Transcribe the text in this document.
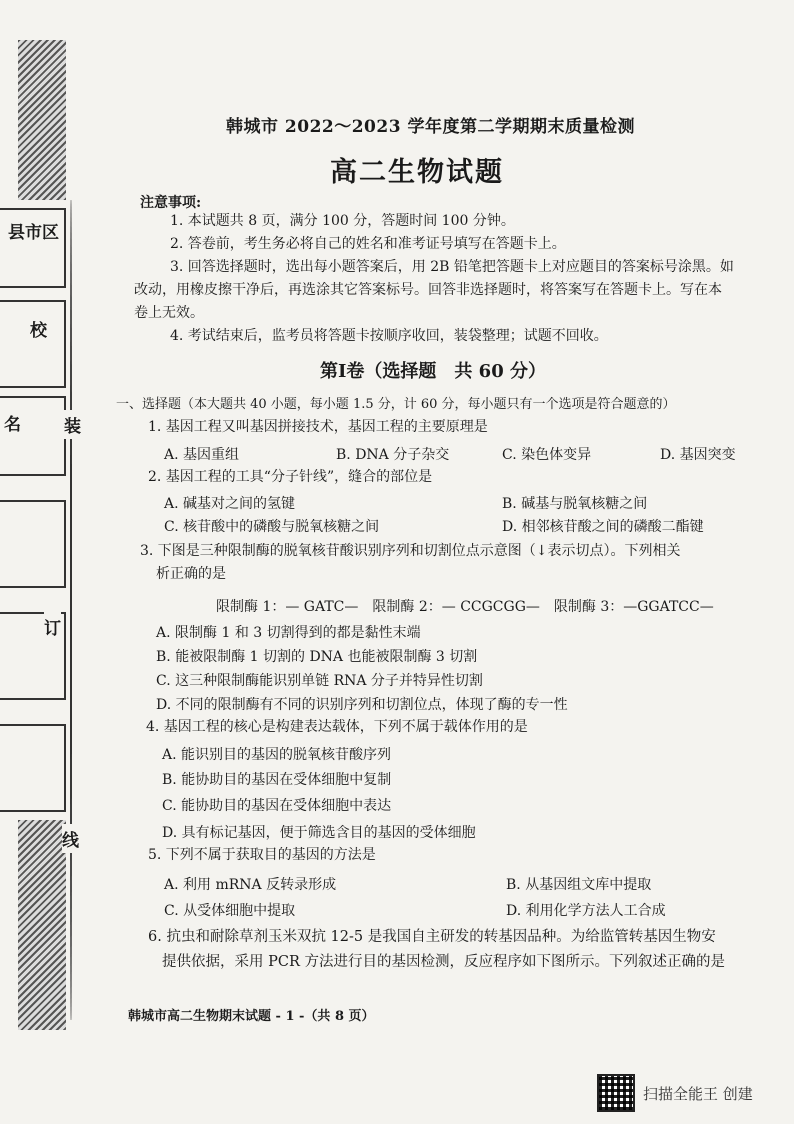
县市区
校
名	装
订
线
韩城市 2022～2023 学年度第二学期期末质量检测
高二生物试题
注意事项:
1. 本试题共 8 页，满分 100 分，答题时间 100 分钟。
2. 答卷前，考生务必将自己的姓名和准考证号填写在答题卡上。
3. 回答选择题时，选出每小题答案后，用 2B 铅笔把答题卡上对应题目的答案标号涂黑。如
改动，用橡皮擦干净后，再选涂其它答案标号。回答非选择题时，将答案写在答题卡上。写在本
卷上无效。
4. 考试结束后，监考员将答题卡按顺序收回，装袋整理；试题不回收。
第Ⅰ卷（选择题　共 60 分）
一、选择题（本大题共 40 小题，每小题 1.5 分，计 60 分，每小题只有一个选项是符合题意的）
1. 基因工程又叫基因拼接技术，基因工程的主要原理是
A. 基因重组	B. DNA 分子杂交	C. 染色体变异	D. 基因突变
2. 基因工程的工具“分子针线”，缝合的部位是
A. 碱基对之间的氢键	B. 碱基与脱氧核糖之间
C. 核苷酸中的磷酸与脱氧核糖之间	D. 相邻核苷酸之间的磷酸二酯键
3. 下图是三种限制酶的脱氧核苷酸识别序列和切割位点示意图（↓表示切点）。下列相关
析正确的是
限制酶 1：— GATC—　限制酶 2：— CCGCGG—　限制酶 3：—GGATCC—
A. 限制酶 1 和 3 切割得到的都是黏性末端
B. 能被限制酶 1 切割的 DNA 也能被限制酶 3 切割
C. 这三种限制酶能识别单链 RNA 分子并特异性切割
D. 不同的限制酶有不同的识别序列和切割位点，体现了酶的专一性
4. 基因工程的核心是构建表达载体，下列不属于载体作用的是
A. 能识别目的基因的脱氧核苷酸序列
B. 能协助目的基因在受体细胞中复制
C. 能协助目的基因在受体细胞中表达
D. 具有标记基因，便于筛选含目的基因的受体细胞
5. 下列不属于获取目的基因的方法是
A. 利用 mRNA 反转录形成	B. 从基因组文库中提取
C. 从受体细胞中提取	D. 利用化学方法人工合成
6. 抗虫和耐除草剂玉米双抗 12-5 是我国自主研发的转基因品种。为给监管转基因生物安
提供依据，采用 PCR 方法进行目的基因检测，反应程序如下图所示。下列叙述正确的是
韩城市高二生物期末试题 - 1 -（共 8 页）
扫描全能王 创建
